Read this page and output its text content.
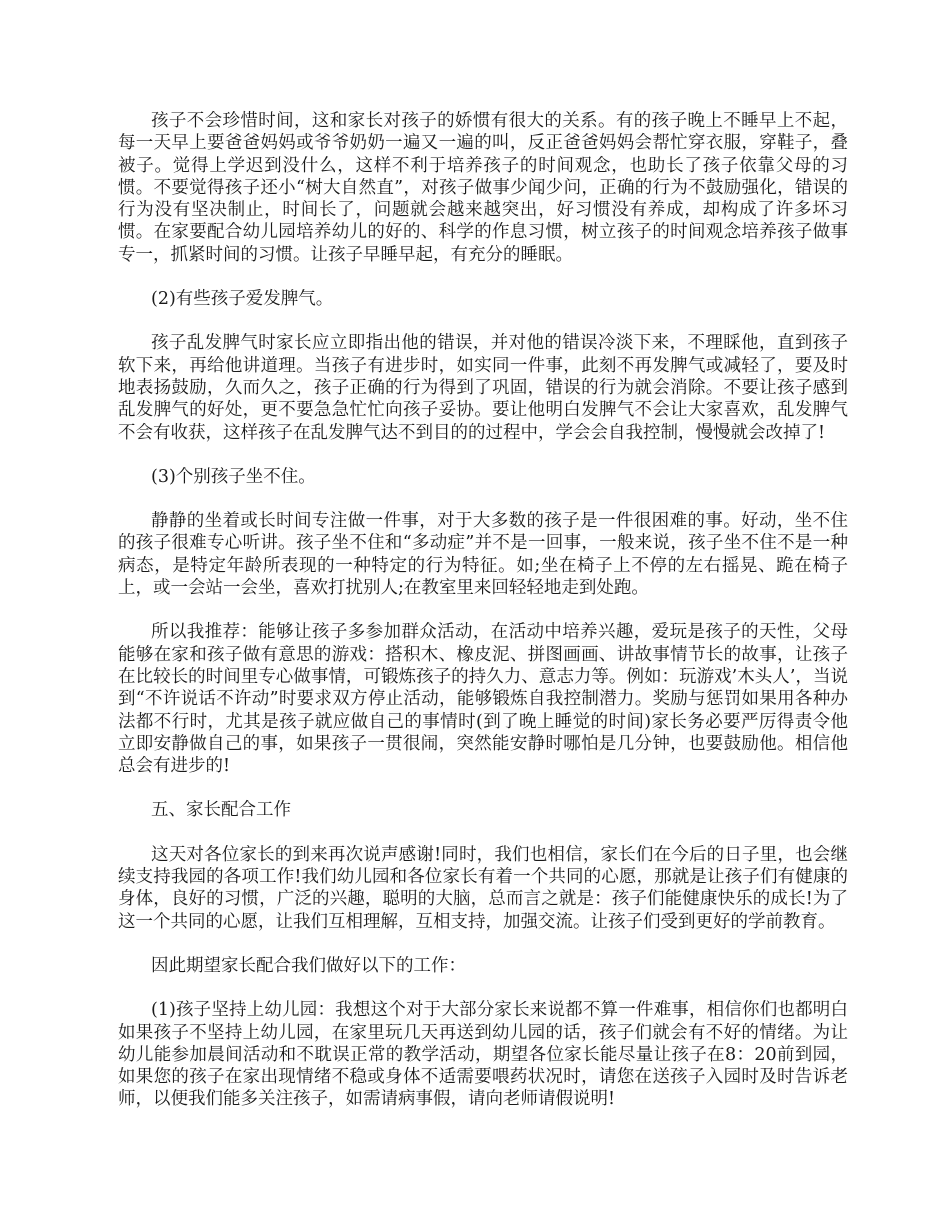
孩子不会珍惜时间，这和家长对孩子的娇惯有很大的关系。有的孩子晚上不睡早上不起，每一天早上要爸爸妈妈或爷爷奶奶一遍又一遍的叫，反正爸爸妈妈会帮忙穿衣服，穿鞋子，叠被子。觉得上学迟到没什么，这样不利于培养孩子的时间观念，也助长了孩子依靠父母的习惯。不要觉得孩子还小“树大自然直”，对孩子做事少闻少问，正确的行为不鼓励强化，错误的行为没有坚决制止，时间长了，问题就会越来越突出，好习惯没有养成，却构成了许多坏习惯。在家要配合幼儿园培养幼儿的好的、科学的作息习惯，树立孩子的时间观念培养孩子做事专一，抓紧时间的习惯。让孩子早睡早起，有充分的睡眠。

(2)有些孩子爱发脾气。

孩子乱发脾气时家长应立即指出他的错误，并对他的错误冷淡下来，不理睬他，直到孩子软下来，再给他讲道理。当孩子有进步时，如实同一件事，此刻不再发脾气或减轻了，要及时地表扬鼓励，久而久之，孩子正确的行为得到了巩固，错误的行为就会消除。不要让孩子感到乱发脾气的好处，更不要急急忙忙向孩子妥协。要让他明白发脾气不会让大家喜欢，乱发脾气不会有收获，这样孩子在乱发脾气达不到目的的过程中，学会会自我控制，慢慢就会改掉了!

(3)个别孩子坐不住。

静静的坐着或长时间专注做一件事，对于大多数的孩子是一件很困难的事。好动，坐不住的孩子很难专心听讲。孩子坐不住和“多动症”并不是一回事，一般来说，孩子坐不住不是一种病态，是特定年龄所表现的一种特定的行为特征。如;坐在椅子上不停的左右摇晃、跪在椅子上，或一会站一会坐，喜欢打扰别人;在教室里来回轻轻地走到处跑。

所以我推荐：能够让孩子多参加群众活动，在活动中培养兴趣，爱玩是孩子的天性，父母能够在家和孩子做有意思的游戏：搭积木、橡皮泥、拼图画画、讲故事情节长的故事，让孩子在比较长的时间里专心做事情，可锻炼孩子的持久力、意志力等。例如：玩游戏’木头人’，当说到“不许说话不许动”时要求双方停止活动，能够锻炼自我控制潜力。奖励与惩罚如果用各种办法都不行时，尤其是孩子就应做自己的事情时(到了晚上睡觉的时间)家长务必要严厉得责令他立即安静做自己的事，如果孩子一贯很闹，突然能安静时哪怕是几分钟，也要鼓励他。相信他总会有进步的!

五、家长配合工作

这天对各位家长的到来再次说声感谢!同时，我们也相信，家长们在今后的日子里，也会继续支持我园的各项工作!我们幼儿园和各位家长有着一个共同的心愿，那就是让孩子们有健康的身体，良好的习惯，广泛的兴趣，聪明的大脑，总而言之就是：孩子们能健康快乐的成长!为了这一个共同的心愿，让我们互相理解，互相支持，加强交流。让孩子们受到更好的学前教育。

因此期望家长配合我们做好以下的工作：

(1)孩子坚持上幼儿园：我想这个对于大部分家长来说都不算一件难事，相信你们也都明白如果孩子不坚持上幼儿园，在家里玩几天再送到幼儿园的话，孩子们就会有不好的情绪。为让幼儿能参加晨间活动和不耽误正常的教学活动，期望各位家长能尽量让孩子在8：20前到园，如果您的孩子在家出现情绪不稳或身体不适需要喂药状况时，请您在送孩子入园时及时告诉老师，以便我们能多关注孩子，如需请病事假，请向老师请假说明!
